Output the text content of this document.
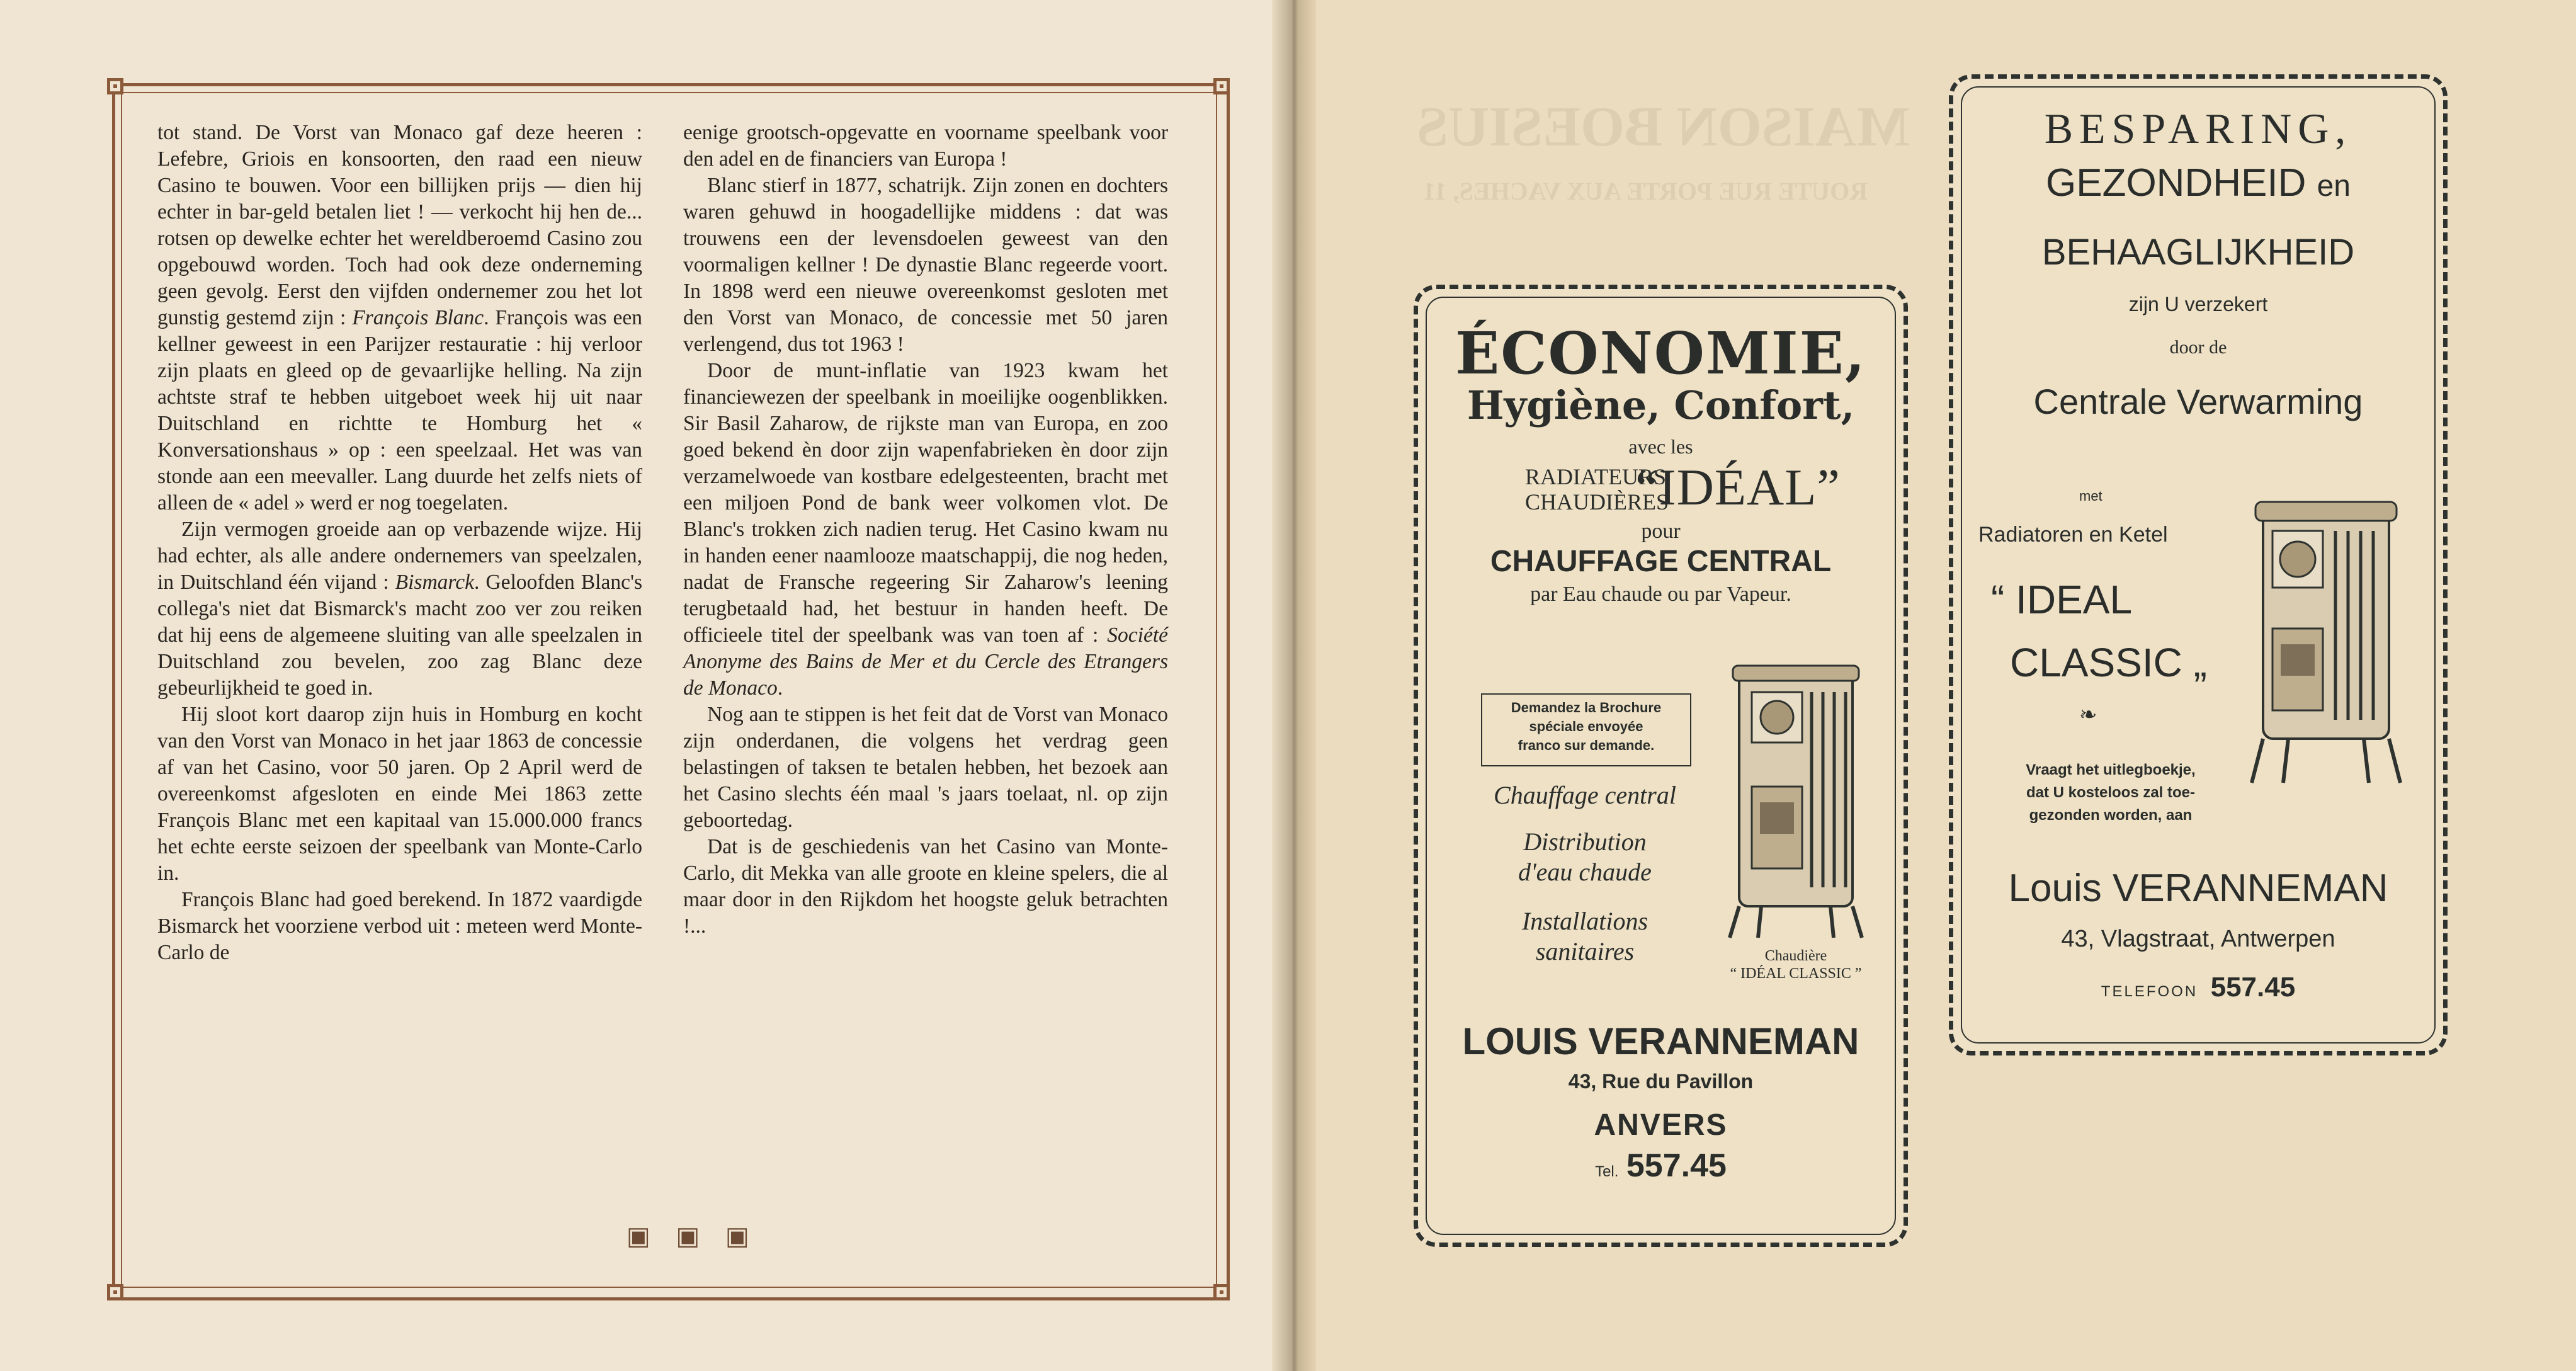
tot stand. De Vorst van Monaco gaf deze heeren : Lefebre, Griois en konsoorten, den raad een nieuw Casino te bouwen. Voor een billijken prijs — dien hij echter in bar-geld betalen liet ! — verkocht hij hen de... rotsen op dewelke echter het wereldberoemd Casino zou opgebouwd worden. Toch had ook deze onderneming geen gevolg. Eerst den vijfden ondernemer zou het lot gunstig gestemd zijn : François Blanc. François was een kellner geweest in een Parijzer restauratie : hij verloor zijn plaats en gleed op de gevaarlijke helling. Na zijn achtste straf te hebben uitgeboet week hij uit naar Duitschland en richtte te Homburg het « Konversationshaus » op : een speelzaal. Het was van stonde aan een meevaller. Lang duurde het zelfs niets of alleen de « adel » werd er nog toegelaten.

Zijn vermogen groeide aan op verbazende wijze. Hij had echter, als alle andere ondernemers van speelzalen, in Duitschland één vijand : Bismarck. Geloofden Blanc's collega's niet dat Bismarck's macht zoo ver zou reiken dat hij eens de algemeene sluiting van alle speelzalen in Duitschland zou bevelen, zoo zag Blanc deze gebeurlijkheid te goed in.

Hij sloot kort daarop zijn huis in Homburg en kocht van den Vorst van Monaco in het jaar 1863 de concessie af van het Casino, voor 50 jaren. Op 2 April werd de overeenkomst afgesloten en einde Mei 1863 zette François Blanc met een kapitaal van 15.000.000 francs het echte eerste seizoen der speelbank van Monte-Carlo in.

François Blanc had goed berekend. In 1872 vaardigde Bismarck het voorziene verbod uit : meteen werd Monte-Carlo de

eenige grootsch-opgevatte en voorname speelbank voor den adel en de financiers van Europa !

Blanc stierf in 1877, schatrijk. Zijn zonen en dochters waren gehuwd in hoogadellijke middens : dat was trouwens een der levensdoelen geweest van den voormaligen kellner ! De dynastie Blanc regeerde voort. In 1898 werd een nieuwe overeenkomst gesloten met den Vorst van Monaco, de concessie met 50 jaren verlengend, dus tot 1963 !

Door de munt-inflatie van 1923 kwam het financiewezen der speelbank in moeilijke oogenblikken. Sir Basil Zaharow, de rijkste man van Europa, en zoo goed bekend èn door zijn wapenfabrieken èn door zijn verzamelwoede van kostbare edelgesteenten, bracht met een miljoen Pond de bank weer volkomen vlot. De Blanc's trokken zich nadien terug. Het Casino kwam nu in handen eener naamlooze maatschappij, die nog heden, nadat de Fransche regeering Sir Zaharow's leening terugbetaald had, het bestuur in handen heeft. De officieele titel der speelbank was van toen af : Société Anonyme des Bains de Mer et du Cercle des Etrangers de Monaco.

Nog aan te stippen is het feit dat de Vorst van Monaco zijn onderdanen, die volgens het verdrag geen belastingen of taksen te betalen hebben, het bezoek aan het Casino slechts één maal 's jaars toelaat, nl. op zijn geboortedag.

Dat is de geschiedenis van het Casino van Monte-Carlo, dit Mekka van alle groote en kleine spelers, die al maar door in den Rijkdom het hoogste geluk betrachten !...

▣ ▣ ▣
MAISON BOESIUS
ROUTE RUE PORTE AUX VACHES, 11
ÉCONOMIE,
Hygiène, Confort,
avec les
RADIATEURS
CHAUDIÈRES
“IDÉAL”
pour
CHAUFFAGE CENTRAL
par Eau chaude ou par Vapeur.
Demandez la Brochure
spéciale envoyée
franco sur demande.
Chauffage central
Distribution
d'eau chaude
Installations
sanitaires	Chaudière
“ IDÉAL CLASSIC ”
LOUIS VERANNEMAN
43, Rue du Pavillon
ANVERS
Tel. 557.45
BESPARING,
GEZONDHEID en
BEHAAGLIJKHEID
zijn U verzekert
door de
Centrale Verwarming
met
Radiatoren en Ketel
“ IDEAL
CLASSIC „
❧
Vraagt het uitlegboekje,
dat U kosteloos zal toe-
gezonden worden, aan
Louis VERANNEMAN
43, Vlagstraat, Antwerpen
TELEFOON 557.45
